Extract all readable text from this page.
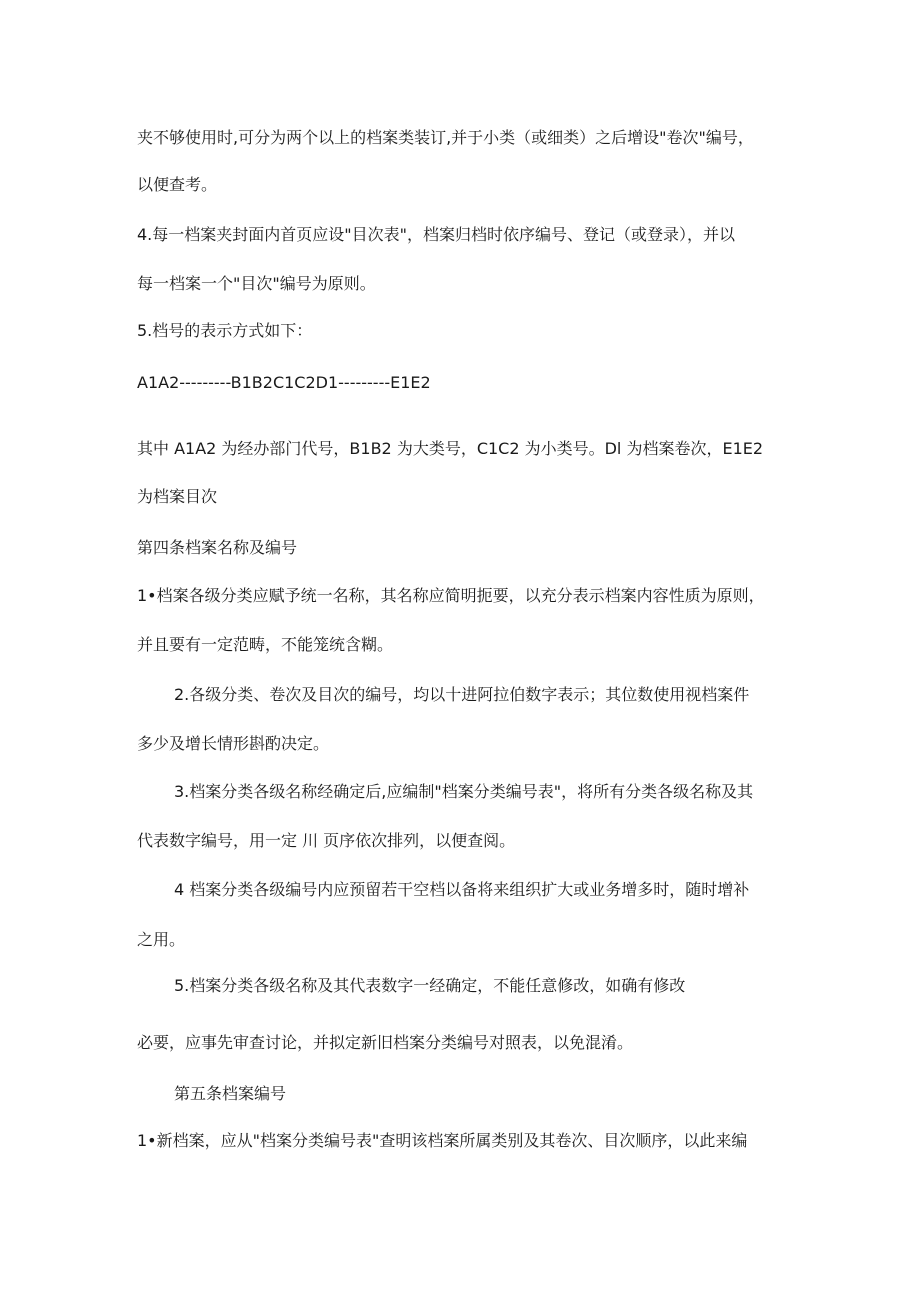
夹不够使用时,可分为两个以上的档案类装订,并于小类（或细类）之后增设"卷次"编号，
以便查考。
4.每一档案夹封面内首页应设"目次表"，档案归档时依序编号、登记（或登录），并以
每一档案一个"目次"编号为原则。
5.档号的表示方式如下：
A1A2---------B1B2C1C2D1---------E1E2
其中 A1A2 为经办部门代号，B1B2 为大类号，C1C2 为小类号。Dl 为档案卷次，E1E2
为档案目次
第四条档案名称及编号
1•档案各级分类应赋予统一名称，其名称应简明扼要，以充分表示档案内容性质为原则，
并且要有一定范畴，不能笼统含糊。
2.各级分类、卷次及目次的编号，均以十进阿拉伯数字表示；其位数使用视档案件
多少及增长情形斟酌决定。
3.档案分类各级名称经确定后,应编制"档案分类编号表"，将所有分类各级名称及其
代表数字编号，用一定 川 页序依次排列，以便查阅。
4 档案分类各级编号内应预留若干空档以备将来组织扩大或业务增多时，随时增补
之用。
5.档案分类各级名称及其代表数字一经确定，不能任意修改，如确有修改
必要，应事先审查讨论，并拟定新旧档案分类编号对照表，以免混淆。
第五条档案编号
1•新档案，应从"档案分类编号表"查明该档案所属类别及其卷次、目次顺序，以此来编
